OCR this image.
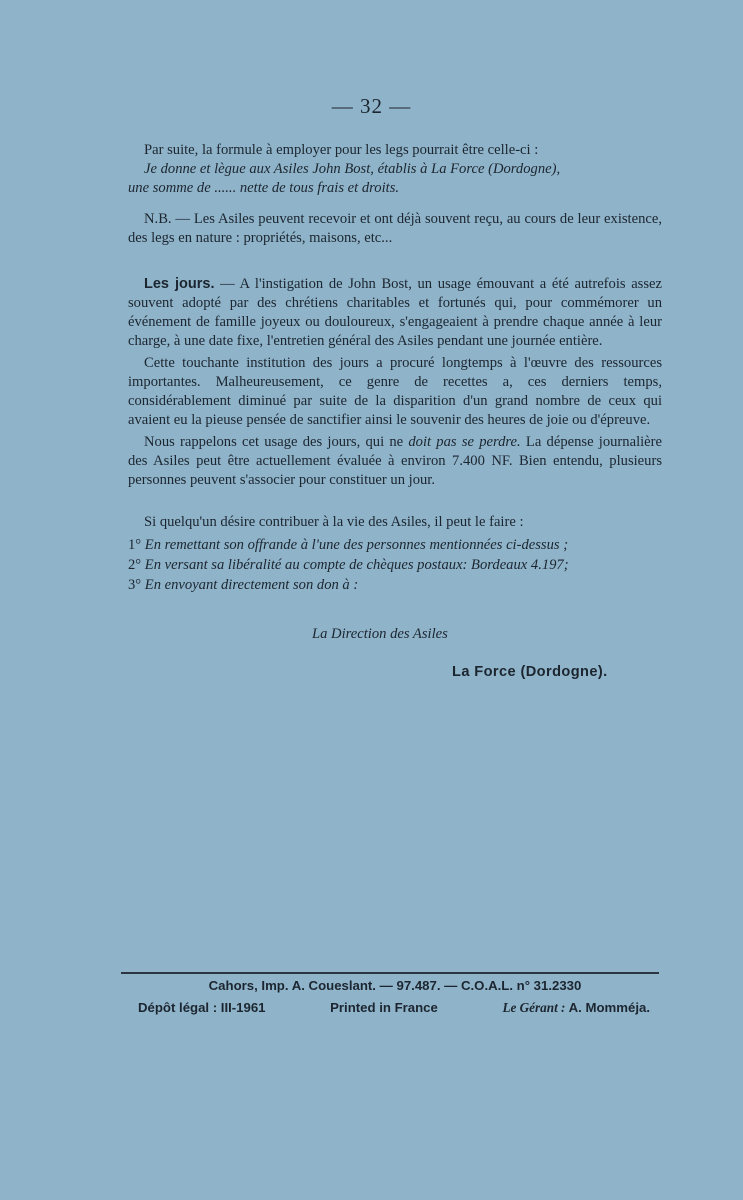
— 32 —

Par suite, la formule à employer pour les legs pourrait être celle-ci :

Je donne et lègue aux Asiles John Bost, établis à La Force (Dordogne),

une somme de ...... nette de tous frais et droits.

N.B. — Les Asiles peuvent recevoir et ont déjà souvent reçu, au cours de leur existence, des legs en nature : propriétés, maisons, etc...

Les jours. — A l'instigation de John Bost, un usage émouvant a été autrefois assez souvent adopté par des chrétiens charitables et fortunés qui, pour commémorer un événement de famille joyeux ou douloureux, s'engageaient à prendre chaque année à leur charge, à une date fixe, l'entretien général des Asiles pendant une journée entière.

Cette touchante institution des jours a procuré longtemps à l'œuvre des ressources importantes. Malheureusement, ce genre de recettes a, ces derniers temps, considérablement diminué par suite de la disparition d'un grand nombre de ceux qui avaient eu la pieuse pensée de sanctifier ainsi le souvenir des heures de joie ou d'épreuve.

Nous rappelons cet usage des jours, qui ne doit pas se perdre. La dépense journalière des Asiles peut être actuellement évaluée à environ 7.400 NF. Bien entendu, plusieurs personnes peuvent s'associer pour constituer un jour.

Si quelqu'un désire contribuer à la vie des Asiles, il peut le faire :

1° En remettant son offrande à l'une des personnes mentionnées ci-dessus ;

2° En versant sa libéralité au compte de chèques postaux: Bordeaux 4.197;

3° En envoyant directement son don à :

La Direction des Asiles
La Force (Dordogne).
Cahors, Imp. A. Coueslant. — 97.487. — C.O.A.L. n° 31.2330
Dépôt légal : III-1961	Printed in France	Le Gérant : A. Momméja.
